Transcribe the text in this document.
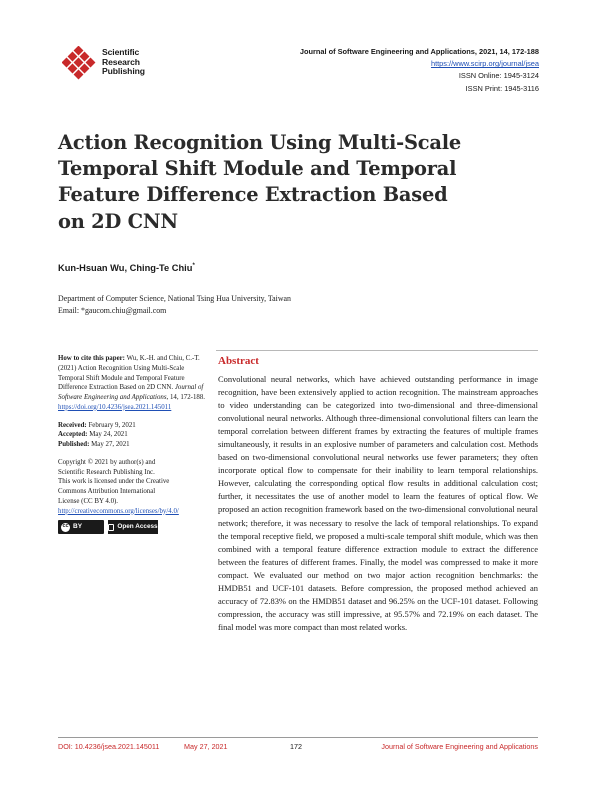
Scientific
Research
Publishing
Journal of Software Engineering and Applications, 2021, 14, 172-188
https://www.scirp.org/journal/jsea
ISSN Online: 1945-3124
ISSN Print: 1945-3116
Action Recognition Using Multi-Scale
Temporal Shift Module and Temporal
Feature Difference Extraction Based
on 2D CNN
Kun-Hsuan Wu, Ching-Te Chiu*
Department of Computer Science, National Tsing Hua University, Taiwan
Email: *gaucom.chiu@gmail.com
How to cite this paper: Wu, K.-H. and Chiu, C.-T. (2021) Action Recognition Using Multi-Scale Temporal Shift Module and Temporal Feature Difference Extraction Based on 2D CNN. Journal of Software Engineering and Applications, 14, 172-188.
https://doi.org/10.4236/jsea.2021.145011
Received: February 9, 2021
Accepted: May 24, 2021
Published: May 27, 2021
Copyright © 2021 by author(s) and
Scientific Research Publishing Inc.
This work is licensed under the Creative
Commons Attribution International
License (CC BY 4.0).
http://creativecommons.org/licenses/by/4.0/
cc BY	Open Access
Abstract
Convolutional neural networks, which have achieved outstanding performance in image recognition, have been extensively applied to action recognition. The mainstream approaches to video understanding can be categorized into two-dimensional and three-dimensional convolutional neural networks. Although three-dimensional convolutional filters can learn the temporal correlation between different frames by extracting the features of multiple frames simultaneously, it results in an explosive number of parameters and calculation cost. Methods based on two-dimensional convolutional neural networks use fewer parameters; they often incorporate optical flow to compensate for their inability to learn temporal relationships. However, calculating the corresponding optical flow results in additional calculation cost; further, it necessitates the use of another model to learn the features of optical flow. We proposed an action recognition framework based on the two-dimensional convolutional neural network; therefore, it was necessary to resolve the lack of temporal relationships. To expand the temporal receptive field, we proposed a multi-scale temporal shift module, which was then combined with a temporal feature difference extraction module to extract the difference between the features of different frames. Finally, the model was compressed to make it more compact. We evaluated our method on two major action recognition benchmarks: the HMDB51 and UCF-101 datasets. Before compression, the proposed method achieved an accuracy of 72.83% on the HMDB51 dataset and 96.25% on the UCF-101 dataset. Following compression, the accuracy was still impressive, at 95.57% and 72.19% on each dataset. The final model was more compact than most related works.
DOI: 10.4236/jsea.2021.145011	May 27, 2021	172	Journal of Software Engineering and Applications
